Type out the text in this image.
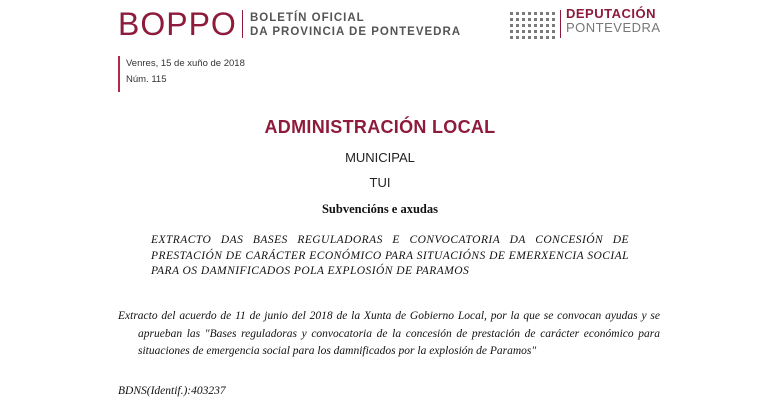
BOPPO BOLETÍN OFICIAL
DA PROVINCIA DE PONTEVEDRA
DEPUTACIÓN
PONTEVEDRA
Venres, 15 de xuño de 2018
Núm. 115
ADMINISTRACIÓN LOCAL
MUNICIPAL
TUI
Subvencións e axudas
EXTRACTO DAS BASES REGULADORAS E CONVOCATORIA DA CONCESIÓN DE PRESTACIÓN DE CARÁCTER ECONÓMICO PARA SITUACIÓNS DE EMERXENCIA SOCIAL PARA OS DAMNIFICADOS POLA EXPLOSIÓN DE PARAMOS
Extracto del acuerdo de 11 de junio del 2018 de la Xunta de Gobierno Local, por la que se convocan ayudas y se aprueban las "Bases reguladoras y convocatoria de la concesión de prestación de carácter económico para situaciones de emergencia social para los damnificados por la explosión de Paramos"
BDNS(Identif.):403237
